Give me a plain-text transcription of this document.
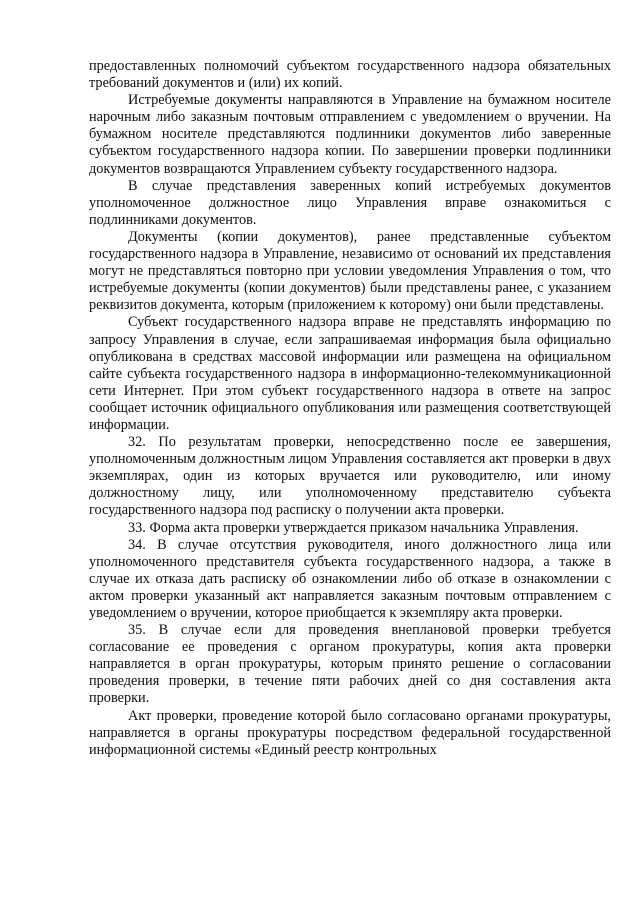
предоставленных полномочий субъектом государственного надзора обязательных требований документов и (или) их копий.

Истребуемые документы направляются в Управление на бумажном носителе нарочным либо заказным почтовым отправлением с уведомлением о вручении. На бумажном носителе представляются подлинники документов либо заверенные субъектом государственного надзора копии. По завершении проверки подлинники документов возвращаются Управлением субъекту государственного надзора.

В случае представления заверенных копий истребуемых документов уполномоченное должностное лицо Управления вправе ознакомиться с подлинниками документов.

Документы (копии документов), ранее представленные субъектом государственного надзора в Управление, независимо от оснований их представления могут не представляться повторно при условии уведомления Управления о том, что истребуемые документы (копии документов) были представлены ранее, с указанием реквизитов документа, которым (приложением к которому) они были представлены.

Субъект государственного надзора вправе не представлять информацию по запросу Управления в случае, если запрашиваемая информация была официально опубликована в средствах массовой информации или размещена на официальном сайте субъекта государственного надзора в информационно-телекоммуникационной сети Интернет. При этом субъект государственного надзора в ответе на запрос сообщает источник официального опубликования или размещения соответствующей информации.

32. По результатам проверки, непосредственно после ее завершения, уполномоченным должностным лицом Управления составляется акт проверки в двух экземплярах, один из которых вручается или руководителю, или иному должностному лицу, или уполномоченному представителю субъекта государственного надзора под расписку о получении акта проверки.

33. Форма акта проверки утверждается приказом начальника Управления.

34. В случае отсутствия руководителя, иного должностного лица или уполномоченного представителя субъекта государственного надзора, а также в случае их отказа дать расписку об ознакомлении либо об отказе в ознакомлении с актом проверки указанный акт направляется заказным почтовым отправлением с уведомлением о вручении, которое приобщается к экземпляру акта проверки.

35. В случае если для проведения внеплановой проверки требуется согласование ее проведения с органом прокуратуры, копия акта проверки направляется в орган прокуратуры, которым принято решение о согласовании проведения проверки, в течение пяти рабочих дней со дня составления акта проверки.

Акт проверки, проведение которой было согласовано органами прокуратуры, направляется в органы прокуратуры посредством федеральной государственной информационной системы «Единый реестр контрольных
